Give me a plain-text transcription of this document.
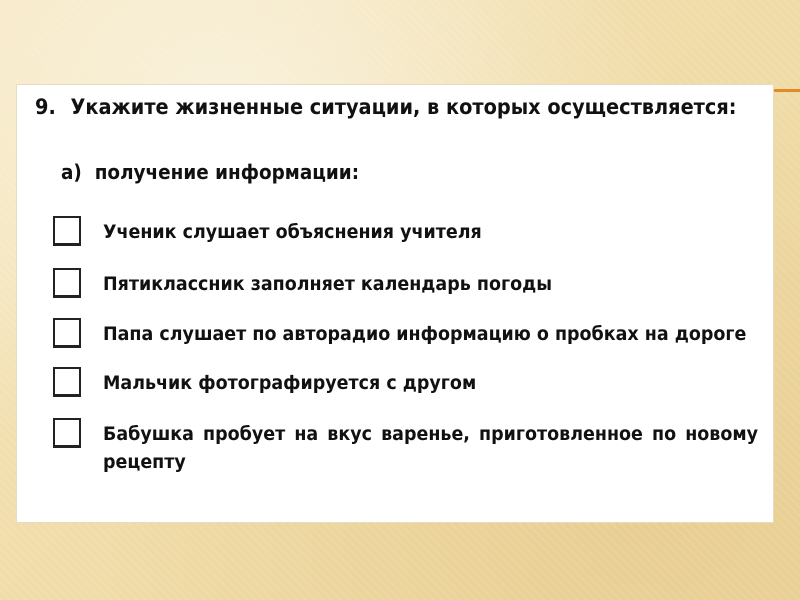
9. Укажите жизненные ситуации, в которых осуществляется:
а) получение информации:
Ученик слушает объяснения учителя
Пятиклассник заполняет календарь погоды
Папа слушает по авторадио информацию о пробках на дороге
Мальчик фотографируется с другом
Бабушка пробует на вкус варенье, приготовленное по новому рецепту
